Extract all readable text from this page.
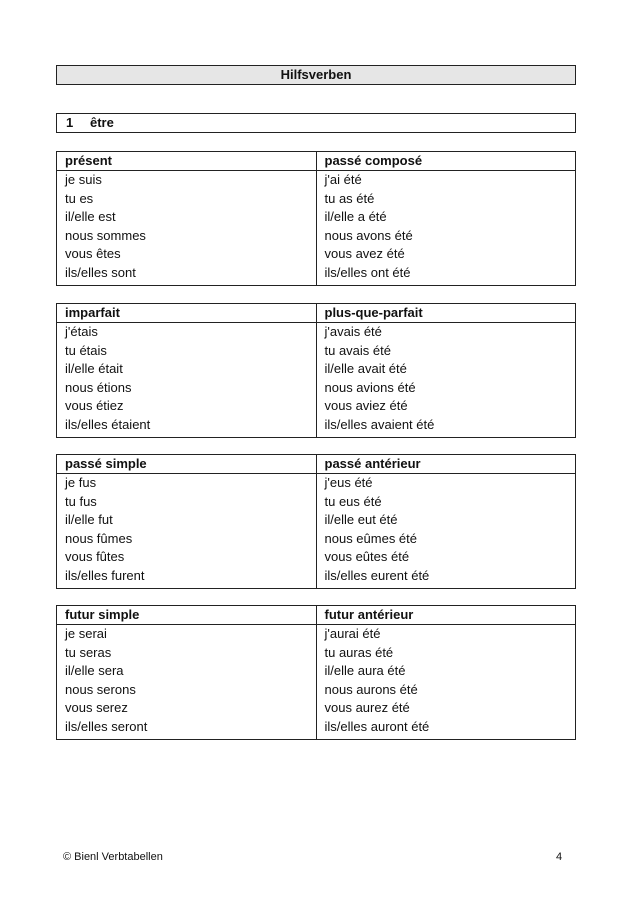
Hilfsverben
1 être
présent	passé composé
je suis	j'ai été
tu es	tu as été
il/elle est	il/elle a été
nous sommes	nous avons été
vous êtes	vous avez été
ils/elles sont	ils/elles ont été
imparfait	plus-que-parfait
j'étais	j'avais été
tu étais	tu avais été
il/elle était	il/elle avait été
nous étions	nous avions été
vous étiez	vous aviez été
ils/elles étaient	ils/elles avaient été
passé simple	passé antérieur
je fus	j'eus été
tu fus	tu eus été
il/elle fut	il/elle eut été
nous fûmes	nous eûmes été
vous fûtes	vous eûtes été
ils/elles furent	ils/elles eurent été
futur simple	futur antérieur
je serai	j'aurai été
tu seras	tu auras été
il/elle sera	il/elle aura été
nous serons	nous aurons été
vous serez	vous aurez été
ils/elles seront	ils/elles auront été
© Bienl Verbtabellen	4
